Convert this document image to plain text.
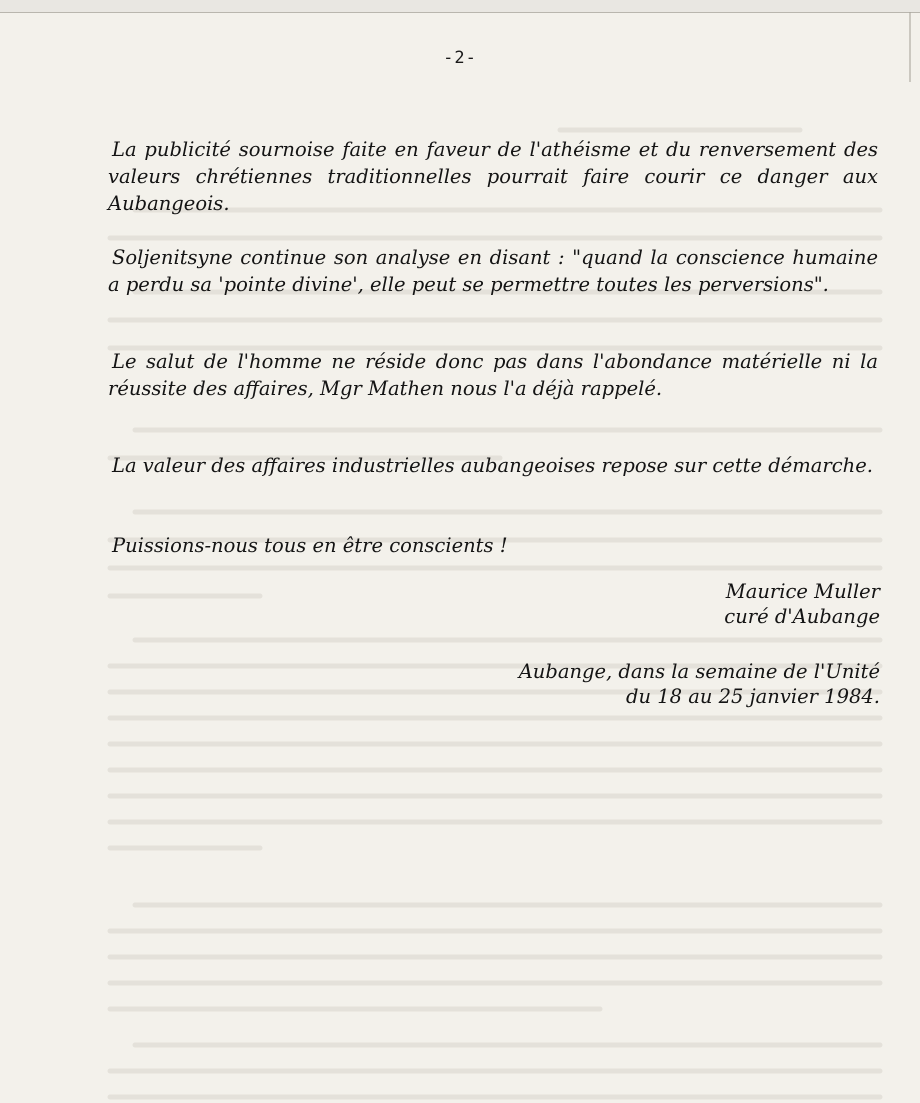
-2-

La publicité sournoise faite en faveur de l'athéisme et du renversement des valeurs chrétiennes traditionnelles pourrait faire courir ce danger aux Aubangeois.

Soljenitsyne continue son analyse en disant : "quand la conscience humaine a perdu sa 'pointe divine', elle peut se permettre toutes les perversions".

Le salut de l'homme ne réside donc pas dans l'abondance matérielle ni la réussite des affaires, Mgr Mathen nous l'a déjà rappelé.

La valeur des affaires industrielles aubangeoises repose sur cette démarche.

Puissions-nous tous en être conscients !

Maurice Muller
curé d'Aubange
Aubange, dans la semaine de l'Unité
du 18 au 25 janvier 1984.
